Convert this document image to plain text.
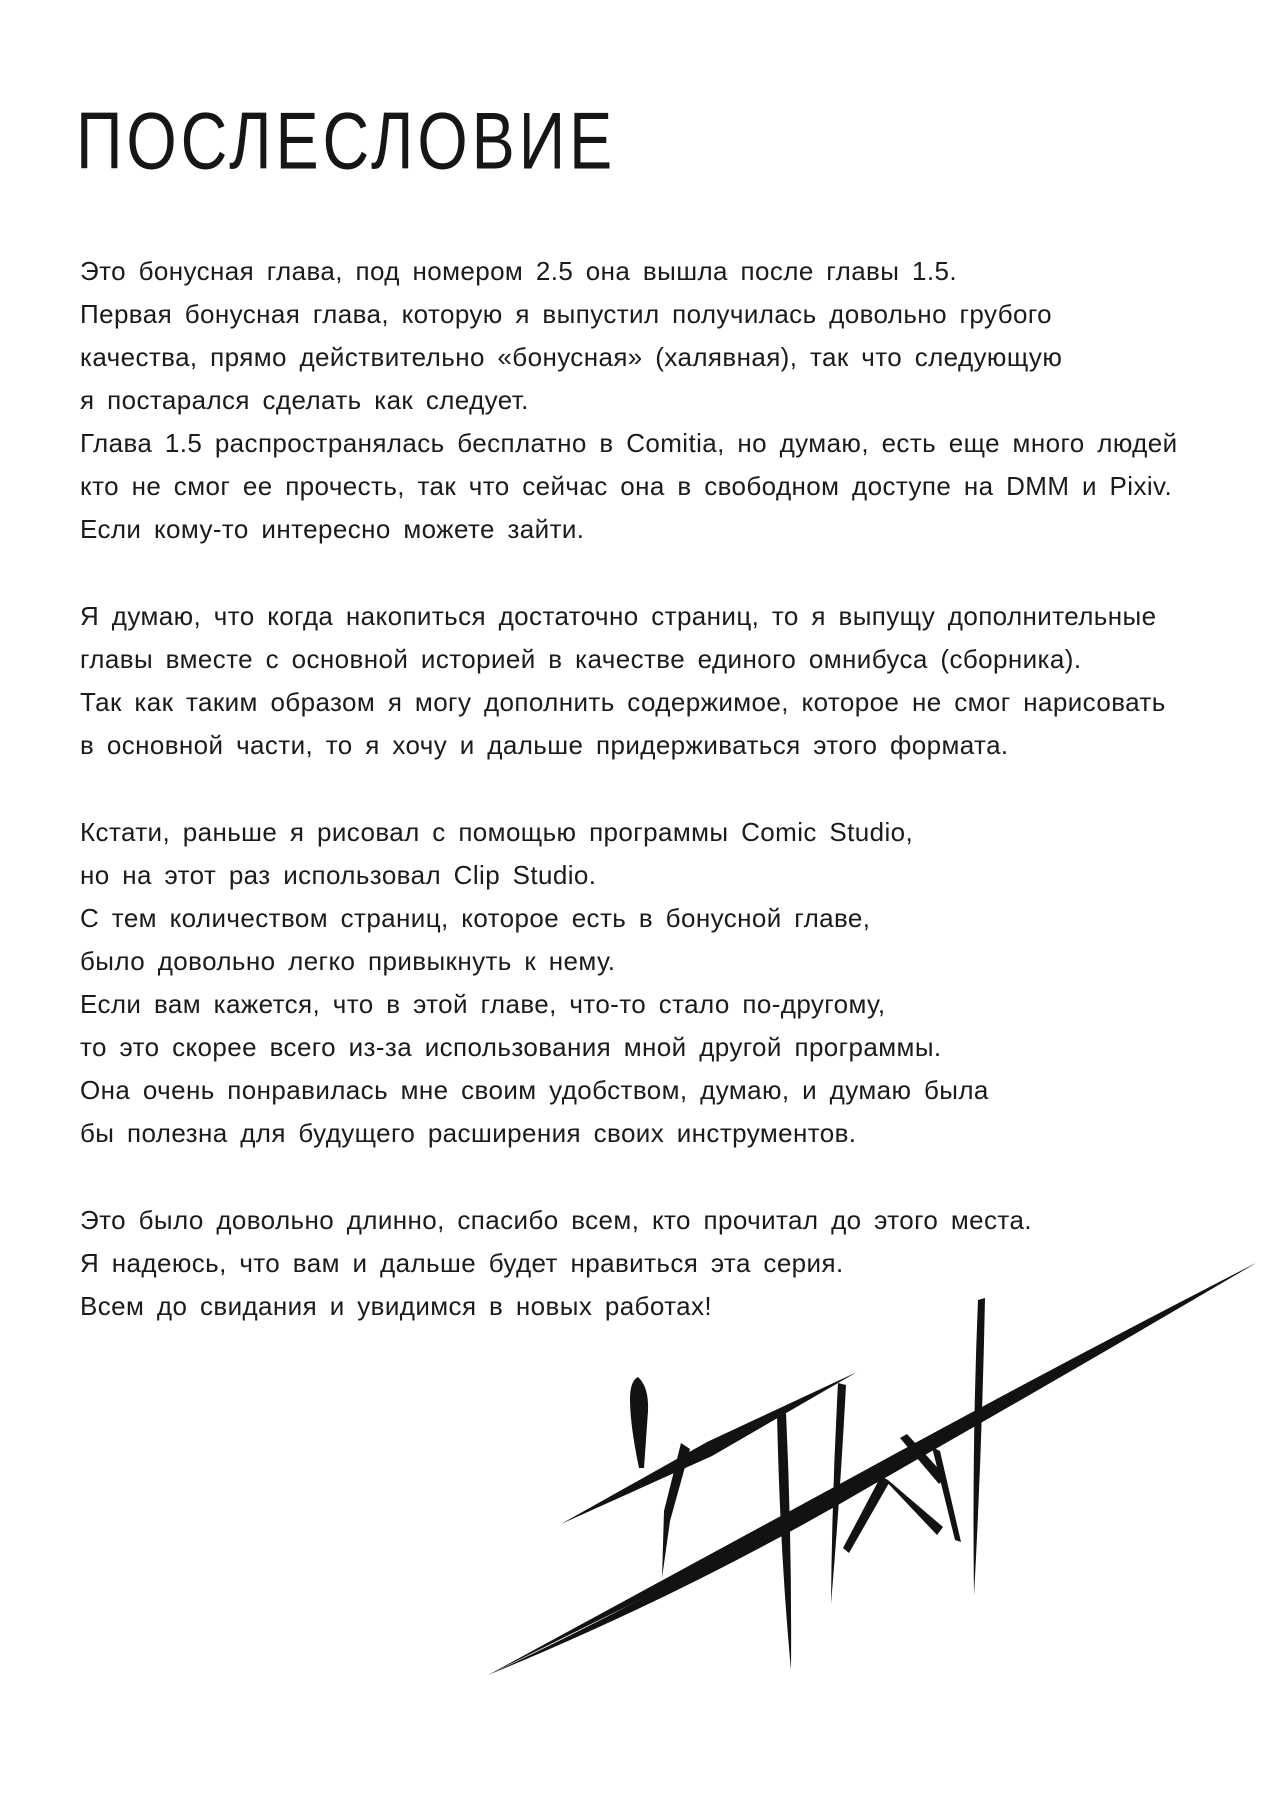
ПОСЛЕСЛОВИЕ
Это бонусная глава, под номером 2.5 она вышла после главы 1.5.
Первая бонусная глава, которую я выпустил получилась довольно грубого
качества, прямо действительно «бонусная» (халявная), так что следующую
я постарался сделать как следует.
Глава 1.5 распространялась бесплатно в Comitia, но думаю, есть еще много людей
кто не смог ее прочесть, так что сейчас она в свободном доступе на DMM и Pixiv.
Если кому-то интересно можете зайти.
Я думаю, что когда накопиться достаточно страниц, то я выпущу дополнительные
главы вместе с основной историей в качестве единого омнибуса (сборника).
Так как таким образом я могу дополнить содержимое, которое не смог нарисовать
в основной части, то я хочу и дальше придерживаться этого формата.
Кстати, раньше я рисовал с помощью программы Comic Studio,
но на этот раз использовал Clip Studio.
С тем количеством страниц, которое есть в бонусной главе,
было довольно легко привыкнуть к нему.
Если вам кажется, что в этой главе, что-то стало по-другому,
то это скорее всего из-за использования мной другой программы.
Она очень понравилась мне своим удобством, думаю, и думаю была
бы полезна для будущего расширения своих инструментов.
Это было довольно длинно, спасибо всем, кто прочитал до этого места.
Я надеюсь, что вам и дальше будет нравиться эта серия.
Всем до свидания и увидимся в новых работах!
